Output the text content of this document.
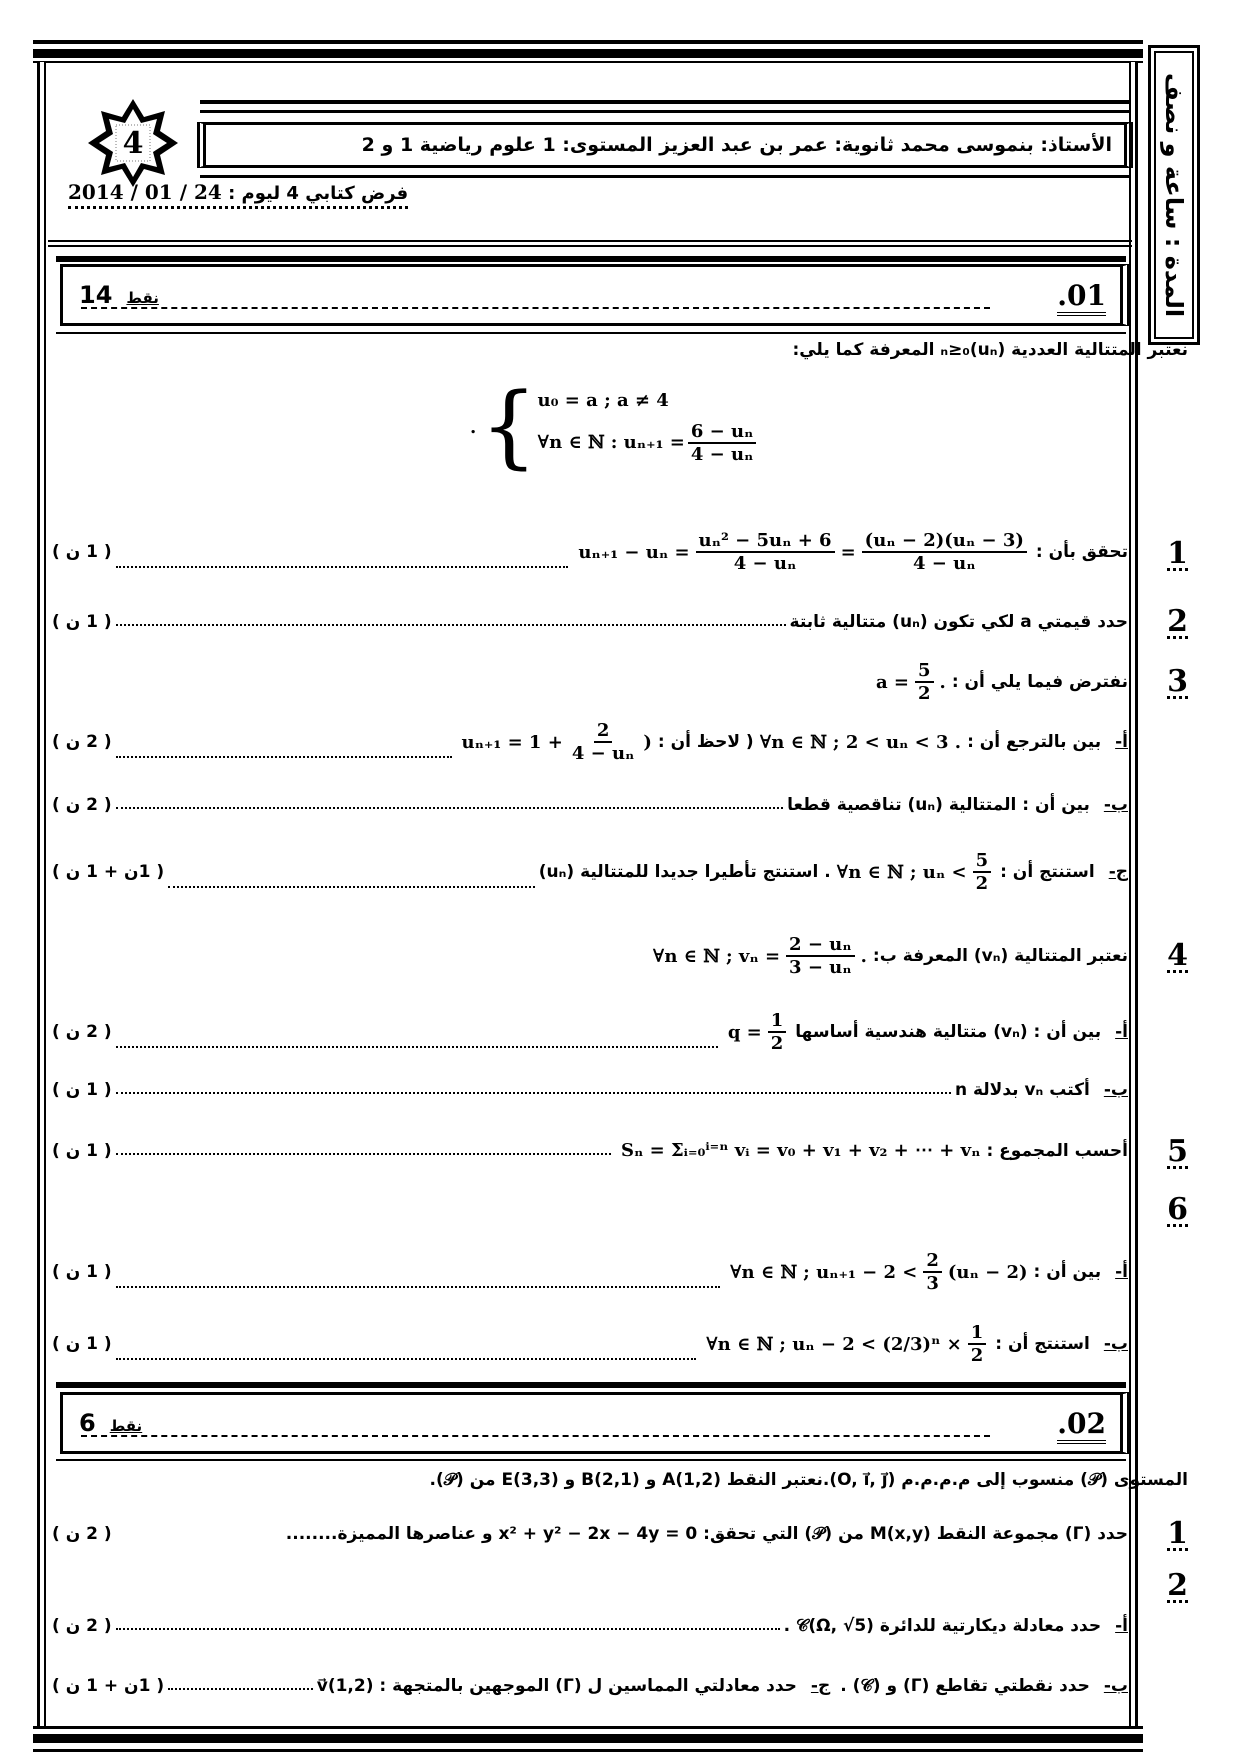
المدة : ساعة و نصف
4	الأستاذ: بنموسى محمد ثانوية: عمر بن عبد العزيز المستوى: 1 علوم رياضية 1 و 2
فرض كتابي 4 ليوم : 2014 / 01 / 24
.01
نقط
14
نعتبر المتتالية العددية (uₙ)ₙ≥₀ المعرفة كما يلي:
. { u₀ = a ; a ≠ 4
∀n ∈ ℕ : $u_{n+1} = \frac{\text{6 − uₙ}}{\text{4 − uₙ}}$
1
تحقق بأن :
$u_{n+1} - u_n = \frac{\text{uₙ² − 5uₙ + 6}}{\text{4 − uₙ}} = \frac{\text{(uₙ − 2)(uₙ − 3)}}{\text{4 − uₙ}}$
( 1 ن )
2
حدد قيمتي a لكي تكون (uₙ) متتالية ثابتة
( 1 ن )
3
نفترض فيما يلي أن :
$a = \frac{5}{2}$ .
أ-
بين بالترجع أن :
∀n ∈ ℕ ; 2 < uₙ < 3 .
( لاحظ أن :
$u_{n+1} = 1 + \frac{2}{\text{4 − uₙ}}$ )
( 2 ن )
ب-
بين أن : المتتالية (uₙ) تناقصية قطعا
( 2 ن )
ج-
استنتج أن :
∀n ∈ ℕ ; $u_n < \frac{5}{2}$
. استنتج تأطيرا جديدا للمتتالية (uₙ)
( 1ن + 1 ن )
4
نعتبر المتتالية (vₙ) المعرفة ب:
∀n ∈ ℕ ; $v_n = \frac{\text{2 − uₙ}}{\text{3 − uₙ}}$ .
أ-
بين أن : (vₙ) متتالية هندسية أساسها
$q = \frac{1}{2}$
( 2 ن )
ب-
أكتب vₙ بدلالة n
( 1 ن )
5
أحسب المجموع :
Sₙ = Σᵢ₌₀ⁱ⁼ⁿ vᵢ = v₀ + v₁ + v₂ + ⋯ + vₙ
( 1 ن )
6
أ-
بين أن :
∀n ∈ ℕ ; $u_{n+1} - 2 < \frac{2}{3} (u_n - 2)$
( 1 ن )
ب-
استنتج أن :
∀n ∈ ℕ ; $u_n - 2 < (2/3)^n \times \frac{1}{2}$
( 1 ن )
.02
نقط
6
المستوى (𝒫) منسوب إلى م.م.م.م (O, i⃗, j⃗).نعتبر النقط A(1,2) و B(2,1) و E(3,3) من (𝒫).
1
حدد (Γ) مجموعة النقط M(x,y) من (𝒫) التي تحقق: x² + y² − 2x − 4y = 0 و عناصرها المميزة........
( 2 ن )
2
أ-
حدد معادلة ديكارتية للدائرة 𝒞(Ω, √5) .
( 2 ن )
ب-
حدد نقطتي تقاطع (Γ) و (𝒞) .
ج-
حدد معادلتي المماسين ل (Γ) الموجهين بالمتجهة : v⃗(1,2)
( 1ن + 1 ن )
